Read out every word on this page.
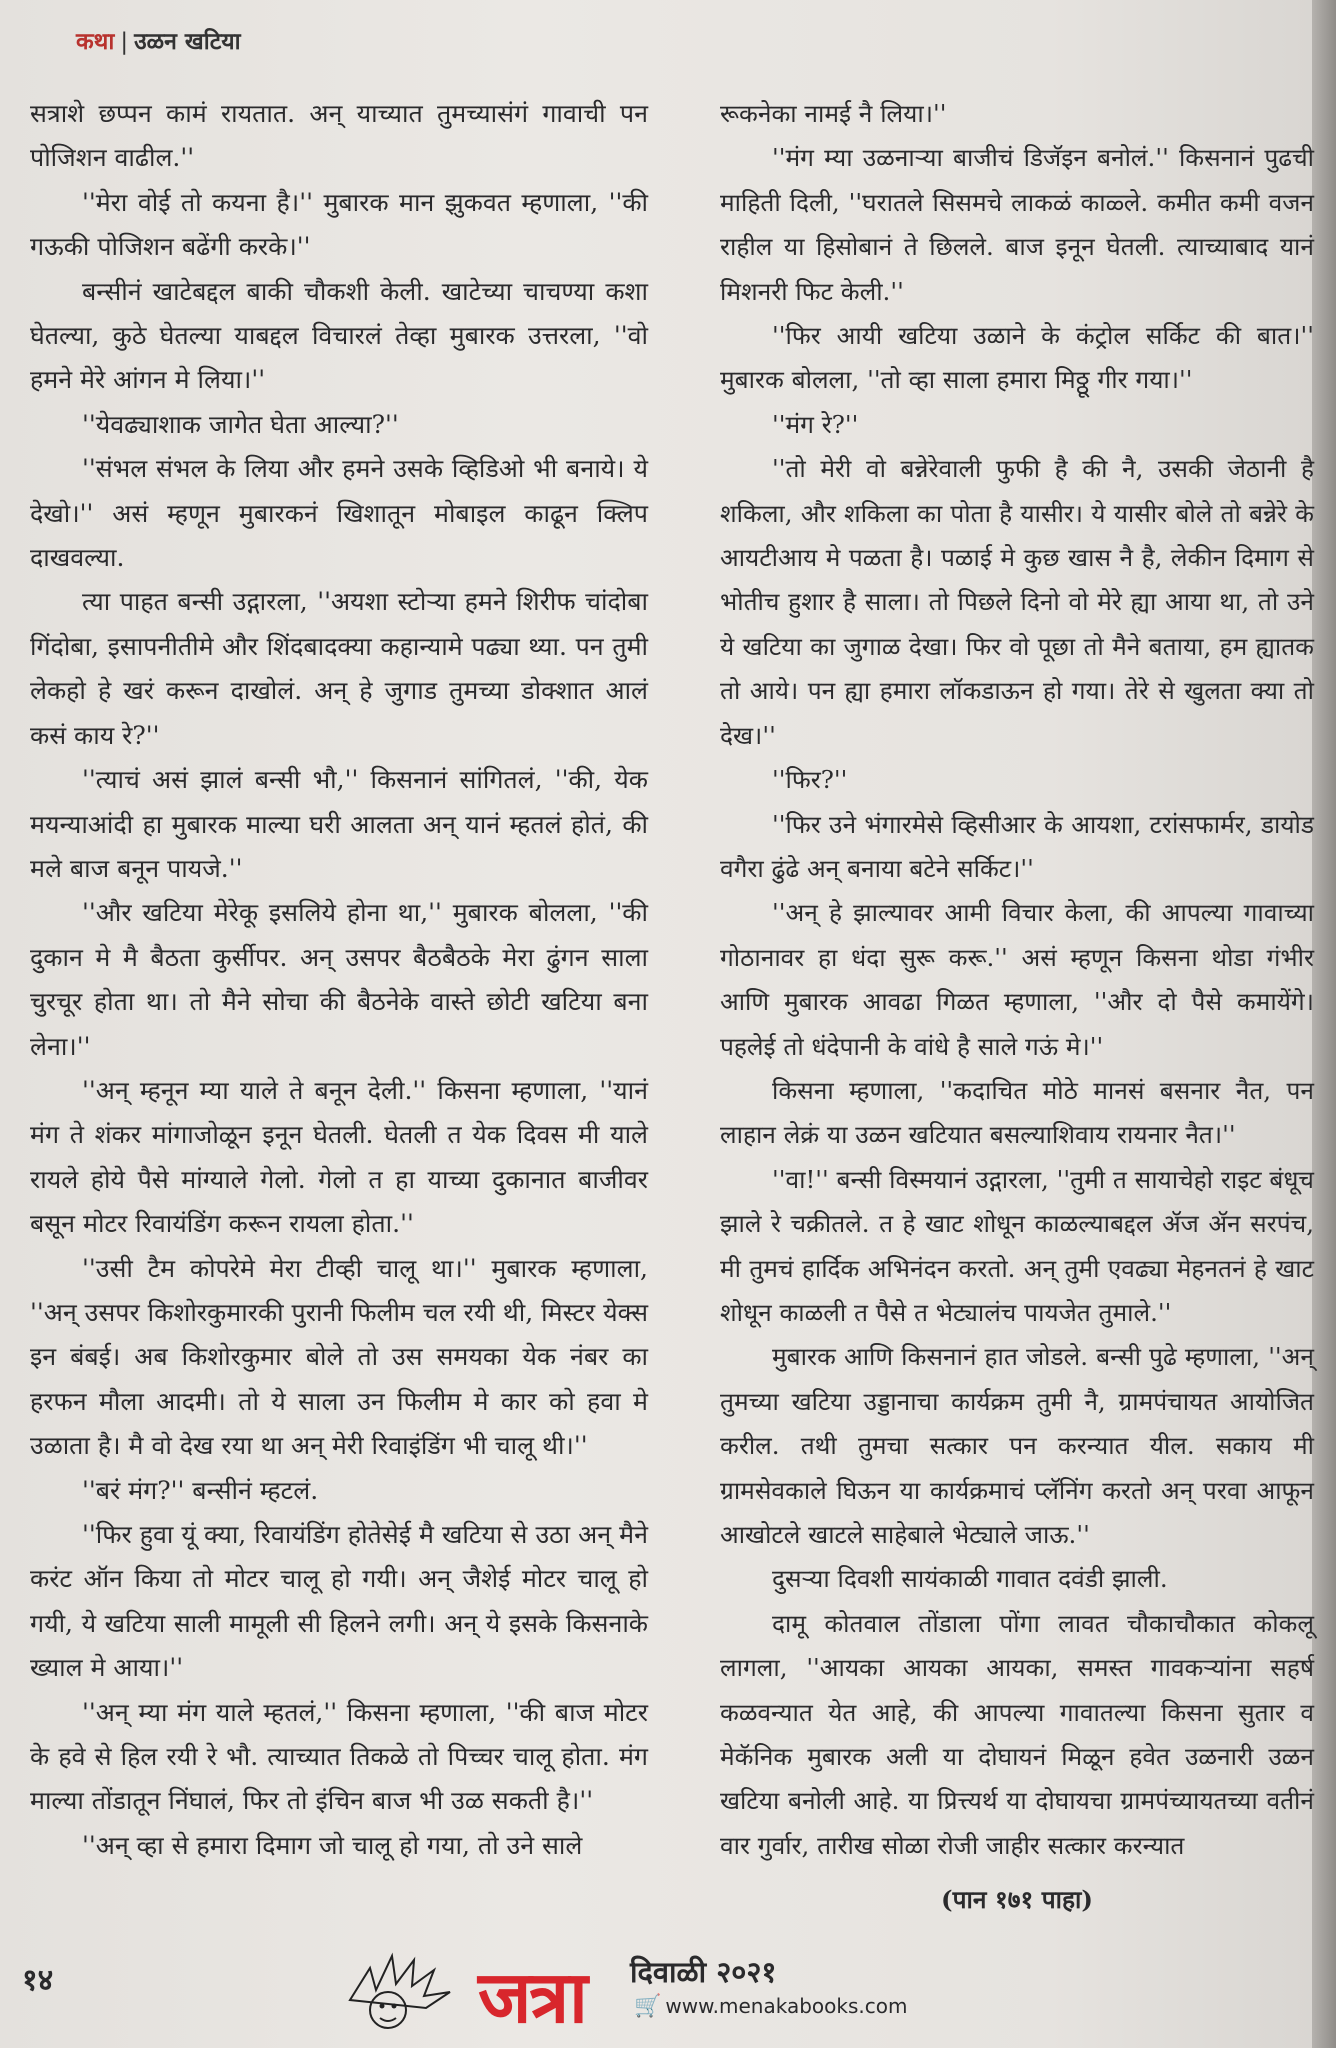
कथा | उळन खटिया

सत्राशे छप्पन कामं रायतात. अन् याच्यात तुमच्यासंगं गावाची पन पोजिशन वाढील.''

''मेरा वोई तो कयना है।'' मुबारक मान झुकवत म्हणाला, ''की गऊकी पोजिशन बढेंगी करके।''

बन्सीनं खाटेबद्दल बाकी चौकशी केली. खाटेच्या चाचण्या कशा घेतल्या, कुठे घेतल्या याबद्दल विचारलं तेव्हा मुबारक उत्तरला, ''वो हमने मेरे आंगन मे लिया।''

''येवढ्याशाक जागेत घेता आल्या?''

''संभल संभल के लिया और हमने उसके व्हिडिओ भी बनाये। ये देखो।'' असं म्हणून मुबारकनं खिशातून मोबाइल काढून क्लिप दाखवल्या.

त्या पाहत बन्सी उद्गारला, ''अयशा स्टोऱ्या हमने शिरीफ चांदोबा गिंदोबा, इसापनीतीमे और शिंदबादक्या कहान्यामे पढ्या थ्या. पन तुमी लेकहो हे खरं करून दाखोलं. अन् हे जुगाड तुमच्या डोक्शात आलं कसं काय रे?''

''त्याचं असं झालं बन्सी भौ,'' किसनानं सांगितलं, ''की, येक मयन्याआंदी हा मुबारक माल्या घरी आलता अन् यानं म्हतलं होतं, की मले बाज बनून पायजे.''

''और खटिया मेरेकू इसलिये होना था,'' मुबारक बोलला, ''की दुकान मे मै बैठता कुर्सीपर. अन् उसपर बैठबैठके मेरा ढुंगन साला चुरचूर होता था। तो मैने सोचा की बैठनेके वास्ते छोटी खटिया बना लेना।''

''अन् म्हनून म्या याले ते बनून देली.'' किसना म्हणाला, ''यानं मंग ते शंकर मांगाजोळून इनून घेतली. घेतली त येक दिवस मी याले रायले होये पैसे मांग्याले गेलो. गेलो त हा याच्या दुकानात बाजीवर बसून मोटर रिवायंडिंग करून रायला होता.''

''उसी टैम कोपरेमे मेरा टीव्ही चालू था।'' मुबारक म्हणाला, ''अन् उसपर किशोरकुमारकी पुरानी फिलीम चल रयी थी, मिस्टर येक्स इन बंबई। अब किशोरकुमार बोले तो उस समयका येक नंबर का हरफन मौला आदमी। तो ये साला उन फिलीम मे कार को हवा मे उळाता है। मै वो देख रया था अन् मेरी रिवाइंडिंग भी चालू थी।''

''बरं मंग?'' बन्सीनं म्हटलं.

''फिर हुवा यूं क्या, रिवायंडिंग होतेसेई मै खटिया से उठा अन् मैने करंट ऑन किया तो मोटर चालू हो गयी। अन् जैशेई मोटर चालू हो गयी, ये खटिया साली मामूली सी हिलने लगी। अन् ये इसके किसनाके ख्याल मे आया।''

''अन् म्या मंग याले म्हतलं,'' किसना म्हणाला, ''की बाज मोटर के हवे से हिल रयी रे भौ. त्याच्यात तिकळे तो पिच्चर चालू होता. मंग माल्या तोंडातून निंघालं, फिर तो इंचिन बाज भी उळ सकती है।''

''अन् व्हा से हमारा दिमाग जो चालू हो गया, तो उने साले

रूकनेका नामई नै लिया।''

''मंग म्या उळनाऱ्या बाजीचं डिजॅइन बनोलं.'' किसनानं पुढची माहिती दिली, ''घरातले सिसमचे लाकळं काळ्ले. कमीत कमी वजन राहील या हिसोबानं ते छिलले. बाज इनून घेतली. त्याच्याबाद यानं मिशनरी फिट केली.''

''फिर आयी खटिया उळाने के कंट्रोल सर्किट की बात।'' मुबारक बोलला, ''तो व्हा साला हमारा मिठ्ठू गीर गया।''

''मंग रे?''

''तो मेरी वो बन्नेरेवाली फुफी है की नै, उसकी जेठानी है शकिला, और शकिला का पोता है यासीर। ये यासीर बोले तो बन्नेरे के आयटीआय मे पळता है। पळाई मे कुछ खास नै है, लेकीन दिमाग से भोतीच हुशार है साला। तो पिछले दिनो वो मेरे ह्या आया था, तो उने ये खटिया का जुगाळ देखा। फिर वो पूछा तो मैने बताया, हम ह्यातक तो आये। पन ह्या हमारा लॉकडाऊन हो गया। तेरे से खुलता क्या तो देख।''

''फिर?''

''फिर उने भंगारमेसे व्हिसीआर के आयशा, टरांसफार्मर, डायोड वगैरा ढुंढे अन् बनाया बटेने सर्किट।''

''अन् हे झाल्यावर आमी विचार केला, की आपल्या गावाच्या गोठानावर हा धंदा सुरू करू.'' असं म्हणून किसना थोडा गंभीर आणि मुबारक आवढा गिळत म्हणाला, ''और दो पैसे कमायेंगे। पहलेई तो धंदेपानी के वांधे है साले गऊं मे।''

किसना म्हणाला, ''कदाचित मोठे मानसं बसनार नैत, पन लाहान लेक्रं या उळन खटियात बसल्याशिवाय रायनार नैत।''

''वा!'' बन्सी विस्मयानं उद्गारला, ''तुमी त सायाचेहो राइट बंधूच झाले रे चक्रीतले. त हे खाट शोधून काळल्याबद्दल ॲज ॲन सरपंच, मी तुमचं हार्दिक अभिनंदन करतो. अन् तुमी एवढ्या मेहनतनं हे खाट शोधून काळली त पैसे त भेट्यालंच पायजेत तुमाले.''

मुबारक आणि किसनानं हात जोडले. बन्सी पुढे म्हणाला, ''अन् तुमच्या खटिया उड्डानाचा कार्यक्रम तुमी नै, ग्रामपंचायत आयोजित करील. तथी तुमचा सत्कार पन करन्यात यील. सकाय मी ग्रामसेवकाले घिऊन या कार्यक्रमाचं प्लॅनिंग करतो अन् परवा आफून आखोटले खाटले साहेबाले भेट्याले जाऊ.''

दुसऱ्या दिवशी सायंकाळी गावात दवंडी झाली.

दामू कोतवाल तोंडाला पोंगा लावत चौकाचौकात कोकलू लागला, ''आयका आयका आयका, समस्त गावकऱ्यांना सहर्ष कळवन्यात येत आहे, की आपल्या गावातल्या किसना सुतार व मेकॅनिक मुबारक अली या दोघायनं मिळून हवेत उळनारी उळन खटिया बनोली आहे. या प्रित्त्यर्थ या दोघायचा ग्रामपंच्यायतच्या वतीनं वार गुर्वार, तारीख सोळा रोजी जाहीर सत्कार करन्यात

(पान १७१ पाहा)

१४	जत्रा दिवाळी २०२१
🛒 www.menakabooks.com
